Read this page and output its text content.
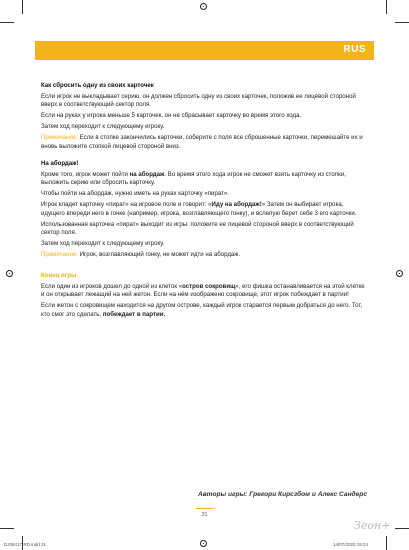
RUS

Как сбросить одну из своих карточек

Если игрок не выкладывает серию, он должен сбросить одну из своих карточек, положив ее лицевой стороной вверх в соответствующий сектор поля.

Если на руках у игрока меньше 5 карточек, он не сбрасывает карточку во время этого хода.

Затем ход переходит к следующему игроку.

Примечание: Если в стопке закончились карточки, соберите с поля все сброшенные карточки, перемешайте их и вновь выложите стопкой лицевой стороной вниз.

На абордаж!

Кроме того, игрок может пойти на абордаж. Во время этого хода игрок не сможет взять карточку из стопки, выложить серию или сбросить карточку.

Чтобы пойти на абордаж, нужно иметь на руках карточку «пират».

Игрок кладет карточку «пират» на игровое поле и говорит: «Иду на абордаж!» Затем он выбирает игрока, идущего впереди него в гонке (например, игрока, возглавляющего гонку), и вслепую берет себе 3 его карточки.

Использованная карточка «пират» выходит из игры: положите ее лицевой стороной вверх в соответствующий сектор поля.

Затем ход переходит к следующему игроку.

Примечание. Игрок, возглавляющий гонку, не может идти на абордаж.

Конец игры

Если один из игроков дошел до одной из клеток «остров сокровищ», его фишка останавливается на этой клетке и он открывает лежащий на ней жетон. Если на нём изображено сокровище, этот игрок побеждает в партии!

Если жетон с сокровищем находится на другом острове, каждый игрок старается первым добраться до него. Тот, кто смог это сделать, побеждает в партии.

Авторы игры: Грегори Кирсзбом и Алекс Сандерс
31
DJ08417-RD.indd 31	14/07/2020 15:24
Зеон+
